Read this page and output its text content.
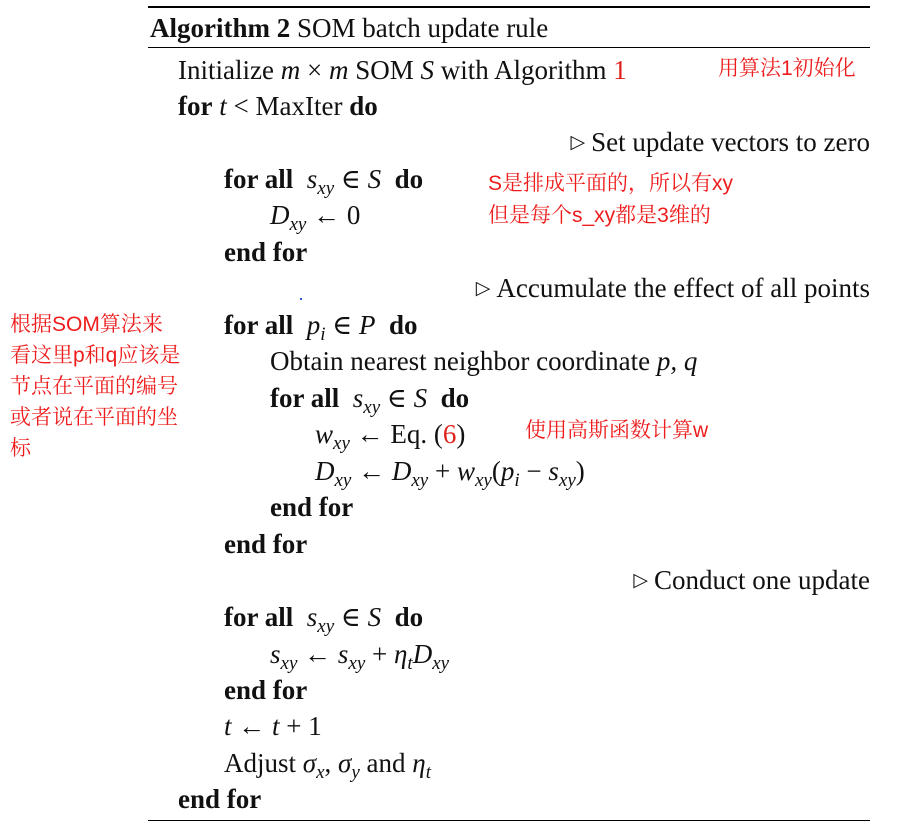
Algorithm 2 SOM batch update rule
Initialize m × m SOM S with Algorithm 1	用算法1初始化
for t < MaxIter do
▷ Set update vectors to zero
for all $s_{xy}$ ∈ S do	S是排成平面的，所以有xy
但是每个s_xy都是3维的
$D_{xy}$ ← 0
end for
▷ Accumulate the effect of all points
for all $p_i$ ∈ P do
Obtain nearest neighbor coordinate p, q
for all $s_{xy}$ ∈ S do
$w_{xy}$ ← Eq. (6)	使用高斯函数计算w
$D_{xy}$ ← $D_{xy} + w_{xy}(p_i - s_{xy})$
end for
end for
▷ Conduct one update
for all $s_{xy}$ ∈ S do
$s_{xy}$ ← $s_{xy} + \eta_tD_{xy}$
end for
t ← t + 1
Adjust $\sigma_x$, $\sigma_y$ and $\eta_t$
end for
根据SOM算法来
看这里p和q应该是
节点在平面的编号
或者说在平面的坐
标
